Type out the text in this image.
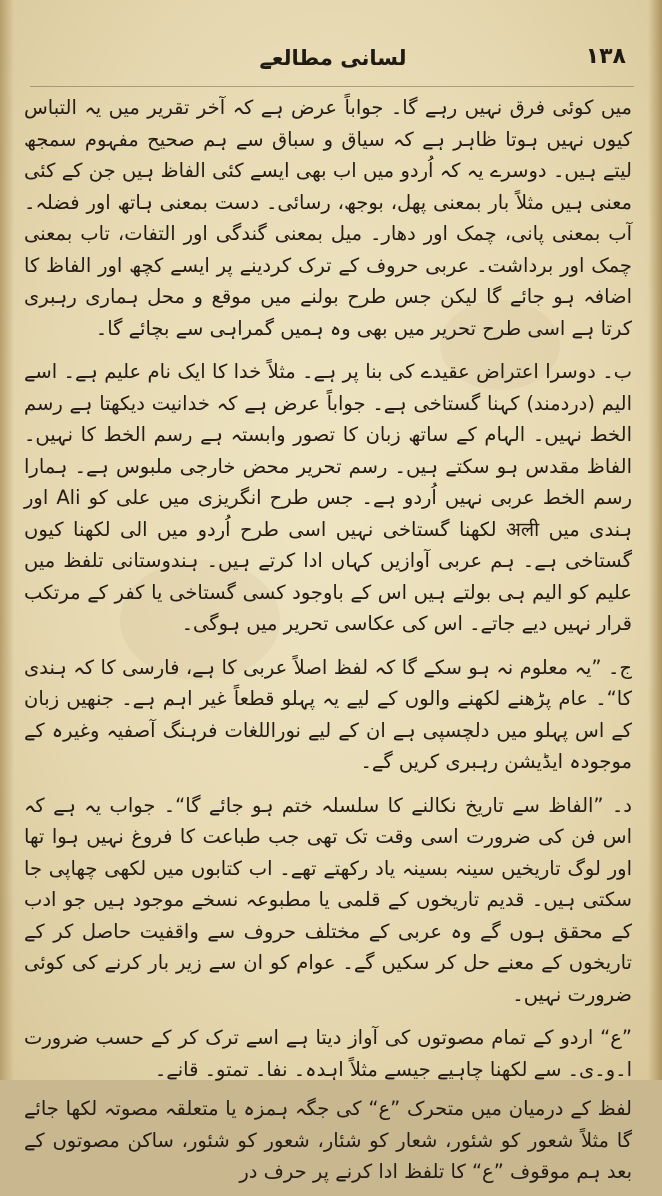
لسانی مطالعے	۱۳۸

میں کوئی فرق نہیں رہے گا۔ جواباً عرض ہے کہ آخر تقریر میں یہ التباس کیوں نہیں ہوتا ظاہر ہے کہ سیاق و سباق سے ہم صحیح مفہوم سمجھ لیتے ہیں۔ دوسرے یہ کہ اُردو میں اب بھی ایسے کئی الفاظ ہیں جن کے کئی معنی ہیں مثلاً بار بمعنی پھل، بوجھ، رسائی۔ دست بمعنی ہاتھ اور فضلہ۔ آب بمعنی پانی، چمک اور دھار۔ میل بمعنی گندگی اور التفات، تاب بمعنی چمک اور برداشت۔ عربی حروف کے ترک کردینے پر ایسے کچھ اور الفاظ کا اضافہ ہو جائے گا لیکن جس طرح بولنے میں موقع و محل ہماری رہبری کرتا ہے اسی طرح تحریر میں بھی وہ ہمیں گمراہی سے بچائے گا۔

ب۔ دوسرا اعتراض عقیدے کی بنا پر ہے۔ مثلاً خدا کا ایک نام علیم ہے۔ اسے الیم (دردمند) کہنا گستاخی ہے۔ جواباً عرض ہے کہ خدانیت دیکھتا ہے رسم الخط نہیں۔ الہام کے ساتھ زبان کا تصور وابستہ ہے رسم الخط کا نہیں۔ الفاظ مقدس ہو سکتے ہیں۔ رسم تحریر محض خارجی ملبوس ہے۔ ہمارا رسم الخط عربی نہیں اُردو ہے۔ جس طرح انگریزی میں علی کو Ali اور ہندی میں अली لکھنا گستاخی نہیں اسی طرح اُردو میں الی لکھنا کیوں گستاخی ہے۔ ہم عربی آوازیں کہاں ادا کرتے ہیں۔ ہندوستانی تلفظ میں علیم کو الیم ہی بولتے ہیں اس کے باوجود کسی گستاخی یا کفر کے مرتکب قرار نہیں دیے جاتے۔ اس کی عکاسی تحریر میں ہوگی۔

ج۔ ”یہ معلوم نہ ہو سکے گا کہ لفظ اصلاً عربی کا ہے، فارسی کا کہ ہندی کا“۔ عام پڑھنے لکھنے والوں کے لیے یہ پہلو قطعاً غیر اہم ہے۔ جنھیں زبان کے اس پہلو میں دلچسپی ہے ان کے لیے نوراللغات فرہنگ آصفیہ وغیرہ کے موجودہ ایڈیشن رہبری کریں گے۔

د۔ ”الفاظ سے تاریخ نکالنے کا سلسلہ ختم ہو جائے گا“۔ جواب یہ ہے کہ اس فن کی ضرورت اسی وقت تک تھی جب طباعت کا فروغ نہیں ہوا تھا اور لوگ تاریخیں سینہ بسینہ یاد رکھتے تھے۔ اب کتابوں میں لکھی چھاپی جا سکتی ہیں۔ قدیم تاریخوں کے قلمی یا مطبوعہ نسخے موجود ہیں جو ادب کے محقق ہوں گے وہ عربی کے مختلف حروف سے واقفیت حاصل کر کے تاریخوں کے معنے حل کر سکیں گے۔ عوام کو ان سے زیر بار کرنے کی کوئی ضرورت نہیں۔

”ع“ اردو کے تمام مصوتوں کی آواز دیتا ہے اسے ترک کر کے حسب ضرورت ا۔و۔ی۔ سے لکھنا چاہیے جیسے مثلاً اہدہ۔ نفا۔ تمتو۔ قانے۔

لفظ کے درمیان میں متحرک ”ع“ کی جگہ ہمزہ یا متعلقہ مصوتہ لکھا جائے گا مثلاً شعور کو شئور، شعار کو شئار، شعور کو شئور، ساکن مصوتوں کے بعد ہم موقوف ”ع“ کا تلفظ ادا کرنے پر حرف در
